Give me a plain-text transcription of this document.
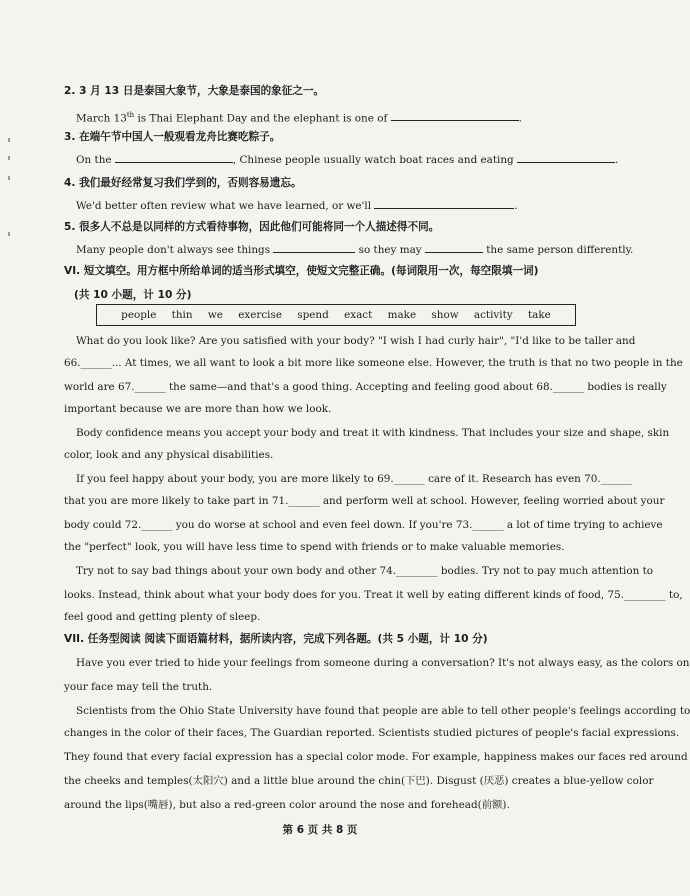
2. 3 月 13 日是泰国大象节，大象是泰国的象征之一。
March 13th is Thai Elephant Day and the elephant is one of	.
3. 在端午节中国人一般观看龙舟比赛吃粽子。
On the	, Chinese people usually watch boat races and eating	.
4. 我们最好经常复习我们学到的，否则容易遗忘。
We'd better often review what we have learned, or we'll	.
5. 很多人不总是以同样的方式看待事物，因此他们可能将同一个人描述得不同。
Many people don't always see things	so they may	the same person differently.
VI. 短文填空。用方框中所给单词的适当形式填空，使短文完整正确。(每词限用一次，每空限填一词)
(共 10 小题，计 10 分)
people thin we exercise spend exact make show activity take
What do you look like? Are you satisfied with your body? "I wish I had curly hair", "I'd like to be taller and
66.______... At times, we all want to look a bit more like someone else. However, the truth is that no two people in the
world are 67.______ the same—and that's a good thing. Accepting and feeling good about 68.______ bodies is really
important because we are more than how we look.
Body confidence means you accept your body and treat it with kindness. That includes your size and shape, skin
color, look and any physical disabilities.
If you feel happy about your body, you are more likely to 69.______ care of it. Research has even 70.______
that you are more likely to take part in 71.______ and perform well at school. However, feeling worried about your
body could 72.______ you do worse at school and even feel down. If you're 73.______ a lot of time trying to achieve
the "perfect" look, you will have less time to spend with friends or to make valuable memories.
Try not to say bad things about your own body and other 74.________ bodies. Try not to pay much attention to
looks. Instead, think about what your body does for you. Treat it well by eating different kinds of food, 75.________ to,
feel good and getting plenty of sleep.
VII. 任务型阅读 阅读下面语篇材料，据所读内容，完成下列各题。(共 5 小题，计 10 分)
Have you ever tried to hide your feelings from someone during a conversation? It's not always easy, as the colors on
your face may tell the truth.
Scientists from the Ohio State University have found that people are able to tell other people's feelings according to
changes in the color of their faces, The Guardian reported. Scientists studied pictures of people's facial expressions.
They found that every facial expression has a special color mode. For example, happiness makes our faces red around
the cheeks and temples(太阳穴) and a little blue around the chin(下巴). Disgust (厌恶) creates a blue-yellow color
around the lips(嘴唇), but also a red-green color around the nose and forehead(前额).
第 6 页 共 8 页
